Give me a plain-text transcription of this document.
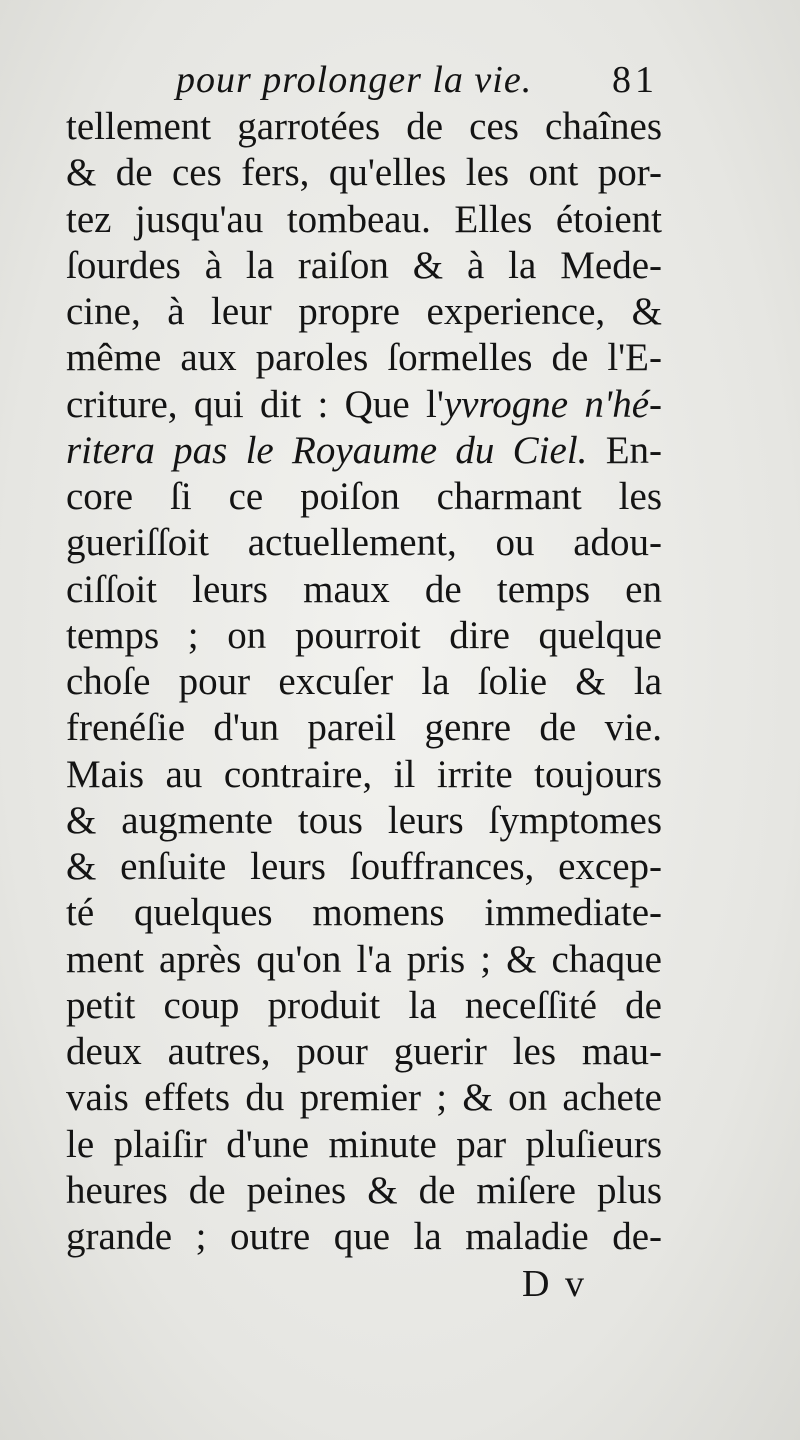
pour prolonger la vie. 81
tellement garrotées de ces chaînes
& de ces fers, qu'elles les ont por-
tez jusqu'au tombeau. Elles étoient
ſourdes à la raiſon & à la Mede-
cine, à leur propre experience, &
même aux paroles ſormelles de l'E-
criture, qui dit : Que l'yvrogne n'hé-
ritera pas le Royaume du Ciel. En-
core ſi ce poiſon charmant les
gueriſſoit actuellement, ou adou-
ciſſoit leurs maux de temps en
temps ; on pourroit dire quelque
choſe pour excuſer la ſolie & la
frenéſie d'un pareil genre de vie.
Mais au contraire, il irrite toujours
& augmente tous leurs ſymptomes
& enſuite leurs ſouffrances, excep-
té quelques momens immediate-
ment après qu'on l'a pris ; & chaque
petit coup produit la neceſſité de
deux autres, pour guerir les mau-
vais effets du premier ; & on achete
le plaiſir d'une minute par pluſieurs
heures de peines & de miſere plus
grande ; outre que la maladie de-
D v
